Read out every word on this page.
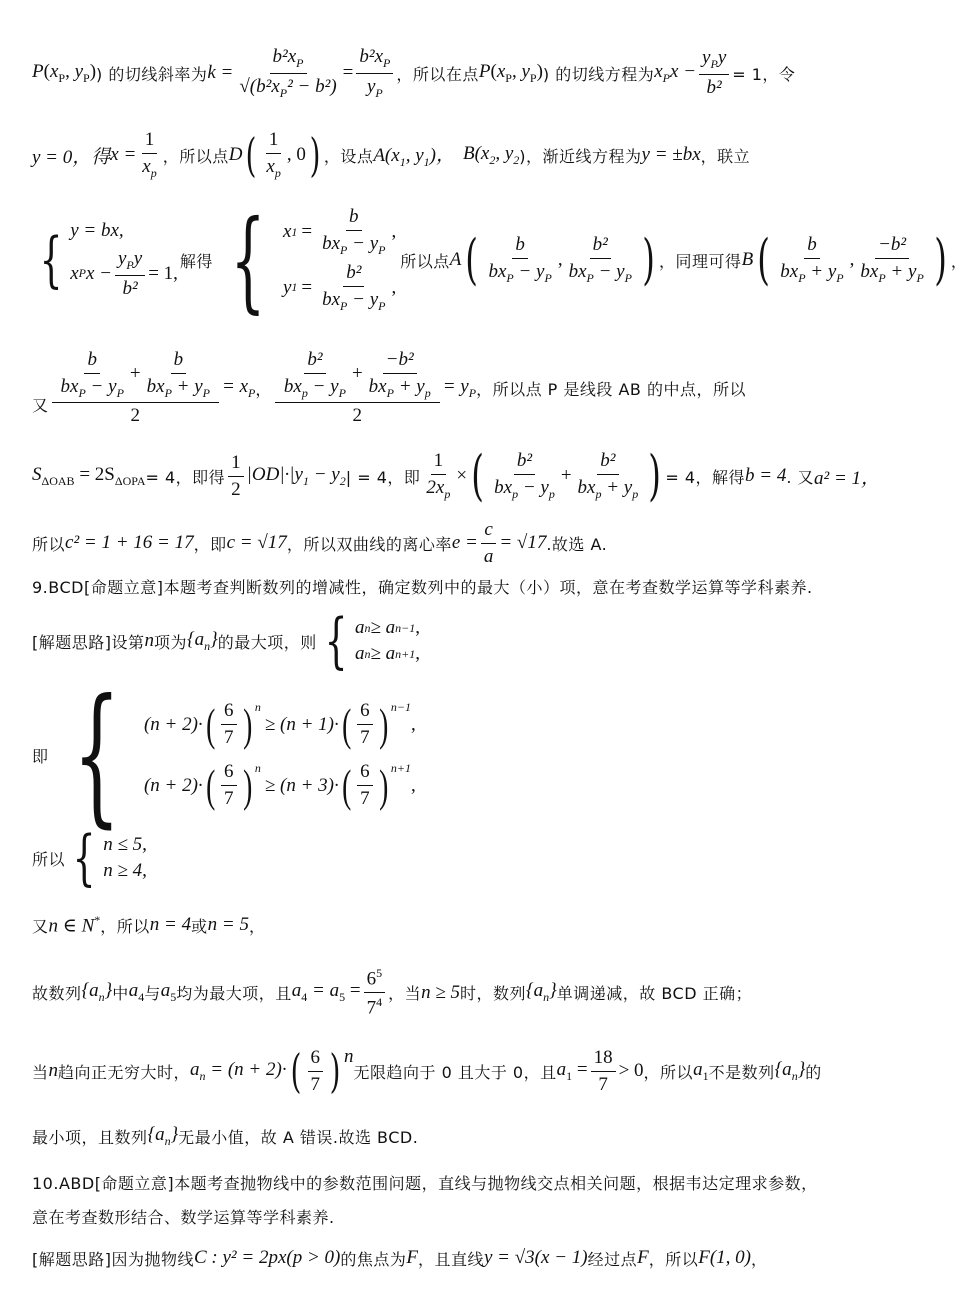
$P(x_P$, $y_P$) ) 的切线斜率为 $k = \frac{b^2x_P}{√(b^2x_P^2 - b^2)} = \frac{b^2x_P}{y_P}$ ，所以在点 $P(x_P$, $y_P$) ) 的切线方程为 $x_Px - \frac{y_Py}{\text{b²}} = 1$，令
y = 0，得 $x = \frac{1}{x_p}$ ，所以点 D ( $\frac{1}{x_p}$ , 0 ) ，设点 $A(x_1$, $y_1$)， $B(x_2$, $y_2$ )，渐近线方程为 y = ±bx ，联立
{ y = bx,
x P $x - \frac{y_Py}{\text{b²}} = 1$,
解得 { x $1 = \frac{b}{bx_P - y_P}$ ,
y $1 = \frac{\text{b²}}{bx_P - y_P}$ ,
所以点 A ( $\frac{b}{bx_P - y_P}$ , $\frac{\text{b²}}{bx_P - y_P}$ ) ，同理可得 B ( $\frac{b}{bx_P + y_P}$ , $\frac{\text{−b²}}{bx_P + y_P}$ ) ，
又 $\frac{\frac{b}{bx_P - y_P} + \frac{b}{bx_P + y_P}}{2} = x_P$ ， $\frac{\frac{\text{b²}}{bx_p - y_P} + \frac{\text{−b²}}{bx_P + y_p}}{2} = y_P$ ，所以点 P 是线段 AB 的中点，所以
$S_{\Delta OAB} = 2S_{\Delta OPA} = 4$，即得 $\frac{1}{2} |OD|\cdot|y_1 - y_2$ | = 4，即 $\frac{1}{2x_p}$ × ( $\frac{\text{b²}}{bx_p - y_p} + \frac{\text{b²}}{bx_p + y_p}$ ) = 4，解得 b = 4 . 又 a² = 1，
所以 c² = 1 + 16 = 17 ，即 c = √17 ，所以双曲线的离心率 $e = \frac{c}{a} = √17$ .故选 A.
9.BCD[命题立意]本题考查判断数列的增减性，确定数列中的最大（小）项，意在考查数学运算等学科素养.
[解题思路]设第 n 项为 $\{a_n\}$ 的最大项，则 { a n ≥ a n−1 ,
a n ≥ a n+1 ,
即 { (n + 2)· ( $\frac{6}{7}$ ) $^n$
≥ (n + 1)· ( $\frac{6}{7}$ ) $^{n-1}$
,
(n + 2)· ( $\frac{6}{7}$ ) $^n$
≥ (n + 3)· ( $\frac{6}{7}$ ) $^{n+1}$
,
所以 { n ≤ 5,
n ≥ 4,
又 n ∈ N* ，所以 n = 4 或 n = 5 ，
故数列 $\{a_n\}$ 中 $a_4$ 与 $a_5$ 均为最大项，且 $a_4 = a_5 = \frac{6^5}{7^4}$ ，当 n ≥ 5 时，数列 $\{a_n\}$ 单调递减，故 BCD 正确；
当 n 趋向正无穷大时， $a_n = (n + 2)\cdot$ ( $\frac{6}{7}$ ) n
无限趋向于 0 且大于 0，且 $a_1 = \frac{18}{7} > 0$ ，所以 $a_1$ 不是数列 $\{a_n\}$ 的
最小项，且数列 $\{a_n\}$ 无最小值，故 A 错误.故选 BCD.
10.ABD[命题立意]本题考查抛物线中的参数范围问题，直线与抛物线交点相关问题，根据韦达定理求参数，
意在考查数形结合、数学运算等学科素养.
[解题思路]因为抛物线 C : y² = 2px(p > 0) 的焦点为 F ，且直线 y = √3(x − 1) 经过点 F ，所以 F(1, 0) ，
